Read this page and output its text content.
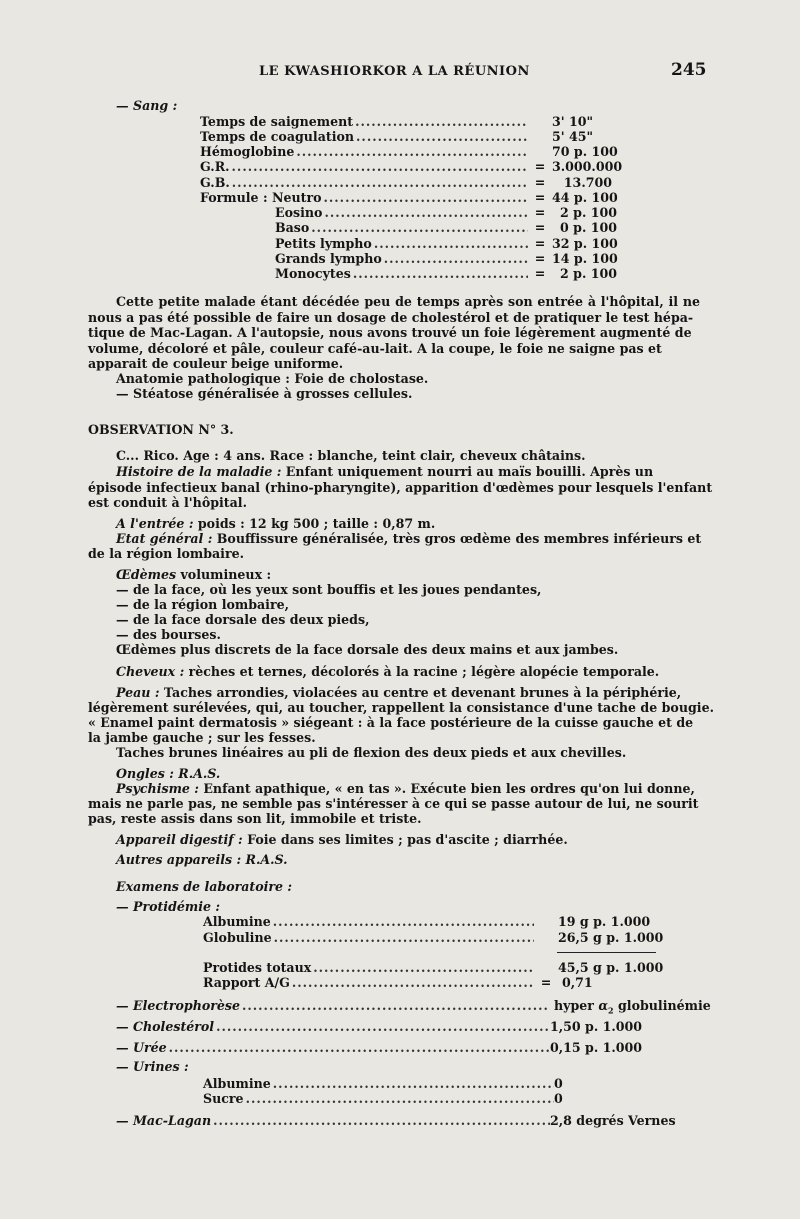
LE KWASHIORKOR A LA RÉUNION	245
— Sang :
Temps de saignement .....	3' 10"
Temps de coagulation .....	5' 45"
Hémoglobine .....	70 p. 100
G.R. .....	= 3.000.000
G.B. .....	=	13.700
Formule : Neutro .....	= 44 p. 100
Eosino .....	=	2 p. 100
Baso .....	=	0 p. 100
Petits lympho .....	= 32 p. 100
Grands lympho .....	= 14 p. 100
Monocytes .....	=	2 p. 100
Cette petite malade étant décédée peu de temps après son entrée à l'hôpital, il ne
nous a pas été possible de faire un dosage de cholestérol et de pratiquer le test hépa-
tique de Mac-Lagan. A l'autopsie, nous avons trouvé un foie légèrement augmenté de
volume, décoloré et pâle, couleur café-au-lait. A la coupe, le foie ne saigne pas et
apparait de couleur beige uniforme.
Anatomie pathologique : Foie de cholostase.
— Stéatose généralisée à grosses cellules.
OBSERVATION N° 3.
C... Rico. Age : 4 ans. Race : blanche, teint clair, cheveux châtains.
Histoire de la maladie : Enfant uniquement nourri au maïs bouilli. Après un
épisode infectieux banal (rhino-pharyngite), apparition d'œdèmes pour lesquels l'enfant
est conduit à l'hôpital.
A l'entrée : poids : 12 kg 500 ; taille : 0,87 m.
Etat général : Bouffissure généralisée, très gros œdème des membres inférieurs et
de la région lombaire.
Œdèmes volumineux :
— de la face, où les yeux sont bouffis et les joues pendantes,
— de la région lombaire,
— de la face dorsale des deux pieds,
— des bourses.
Œdèmes plus discrets de la face dorsale des deux mains et aux jambes.
Cheveux : rèches et ternes, décolorés à la racine ; légère alopécie temporale.
Peau : Taches arrondies, violacées au centre et devenant brunes à la périphérie,
légèrement surélevées, qui, au toucher, rappellent la consistance d'une tache de bougie.
« Enamel paint dermatosis » siégeant : à la face postérieure de la cuisse gauche et de
la jambe gauche ; sur les fesses.
Taches brunes linéaires au pli de flexion des deux pieds et aux chevilles.
Ongles : R.A.S.
Psychisme : Enfant apathique, « en tas ». Exécute bien les ordres qu'on lui donne,
mais ne parle pas, ne semble pas s'intéresser à ce qui se passe autour de lui, ne sourit
pas, reste assis dans son lit, immobile et triste.
Appareil digestif : Foie dans ses limites ; pas d'ascite ; diarrhée.
Autres appareils : R.A.S.
Examens de laboratoire :
— Protidémie :
Albumine .....	19 g p. 1.000
Globuline .....	26,5 g p. 1.000
Protides totaux .....	45,5 g p. 1.000
Rapport A/G .....	= 0,71
— Electrophorèse .....	hyper $\alpha_2$ globulinémie
— Cholestérol .....	1,50 p. 1.000
— Urée .....	0,15 p. 1.000
— Urines :
Albumine .....	0
Sucre .....	0
— Mac-Lagan .....	2,8 degrés Vernes
